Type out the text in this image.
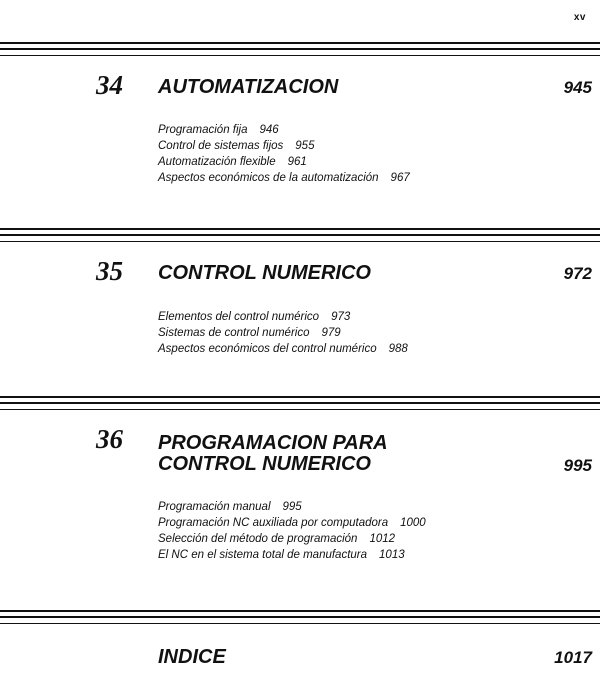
xv
34 AUTOMATIZACION	945
Programación fija 946
Control de sistemas fijos 955
Automatización flexible 961
Aspectos económicos de la automatización 967
35 CONTROL NUMERICO	972
Elementos del control numérico 973
Sistemas de control numérico 979
Aspectos económicos del control numérico 988
36 PROGRAMACION PARA
CONTROL NUMERICO	995
Programación manual 995
Programación NC auxiliada por computadora 1000
Selección del método de programación 1012
El NC en el sistema total de manufactura 1013
INDICE	1017
